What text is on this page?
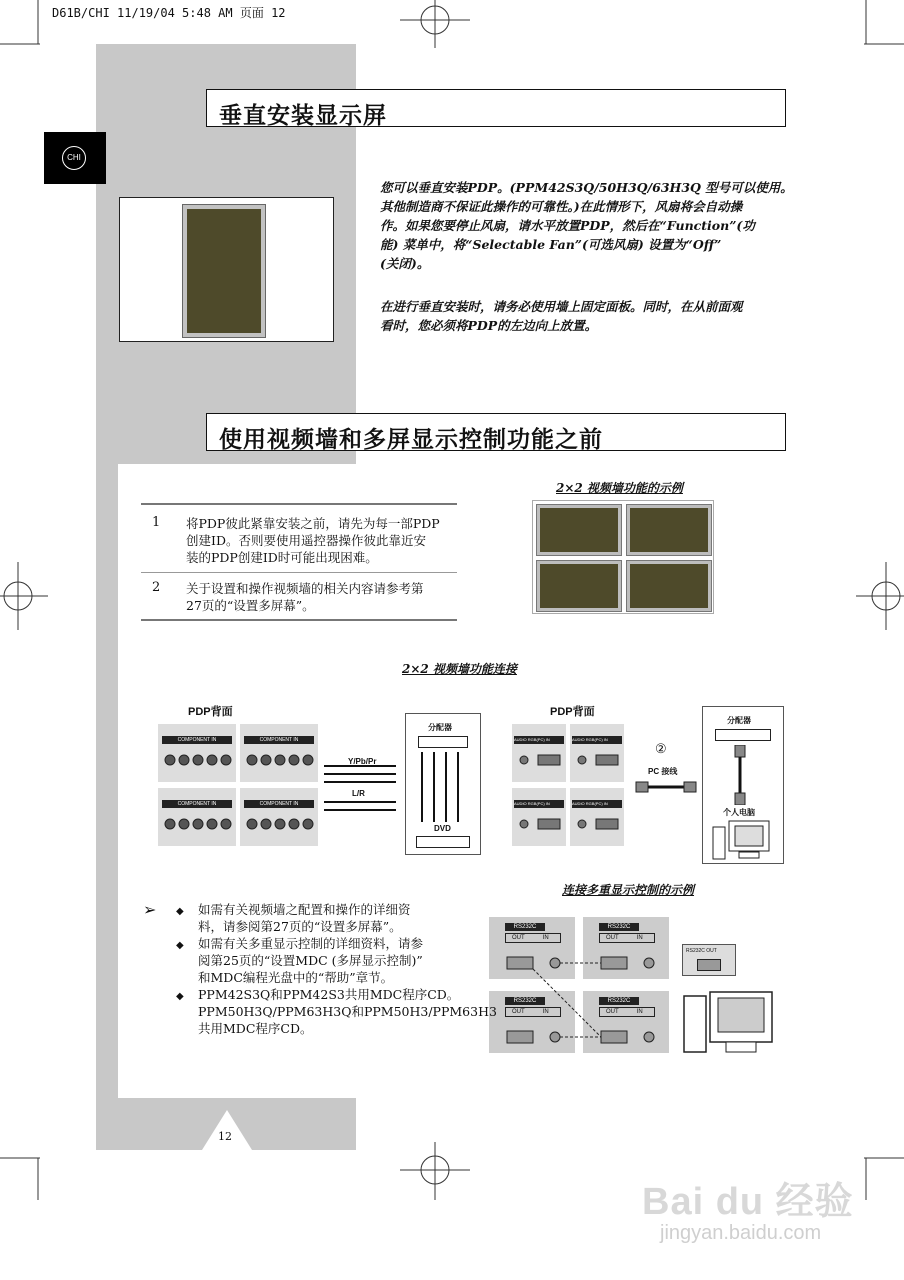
D61B/CHI 11/19/04 5:48 AM 页面 12
CHI
垂直安装显示屏
您可以垂直安装PDP。(PPM42S3Q/50H3Q/63H3Q 型号可以使用。
其他制造商不保证此操作的可靠性。)在此情形下，风扇将会自动操
作。如果您要停止风扇，请水平放置PDP，然后在“Function”(功
能) 菜单中，将“Selectable Fan”(可选风扇) 设置为“Off”
(关闭)。
在进行垂直安装时，请务必使用墙上固定面板。同时，在从前面观
看时，您必须将PDP的左边向上放置。
使用视频墙和多屏显示控制功能之前
1 将PDP彼此紧靠安装之前，请先为每一部PDP
创建ID。否则要使用遥控器操作彼此靠近安
装的PDP创建ID时可能出现困难。
2 关于设置和操作视频墙的相关内容请参考第
27页的“设置多屏幕”。
2×2 视频墙功能的示例
2×2 视频墙功能连接
PDP背面
COMPONENT IN	COMPONENT IN
COMPONENT IN	COMPONENT IN
Y/Pb/Pr
L/R
分配器
DVD
PDP背面
AUDIO RGB(PC) IN	AUDIO RGB(PC) IN
AUDIO RGB(PC) IN	AUDIO RGB(PC) IN
②
PC 接线
分配器
个人电脑
连接多重显示控制的示例
RS232C
OUT	IN
RS232C
OUT	IN
RS232C
OUT	IN
RS232C
OUT	IN
RS232C OUT
➢ ◆ 如需有关视频墙之配置和操作的详细资
料，请参阅第27页的“设置多屏幕”。
◆ 如需有关多重显示控制的详细资料，请参
阅第25页的“设置MDC (多屏显示控制)”
和MDC编程光盘中的“帮助”章节。
◆ PPM42S3Q和PPM42S3共用MDC程序CD。
PPM50H3Q/PPM63H3Q和PPM50H3/PPM63H3
共用MDC程序CD。
12
Bai du 经验
jingyan.baidu.com
